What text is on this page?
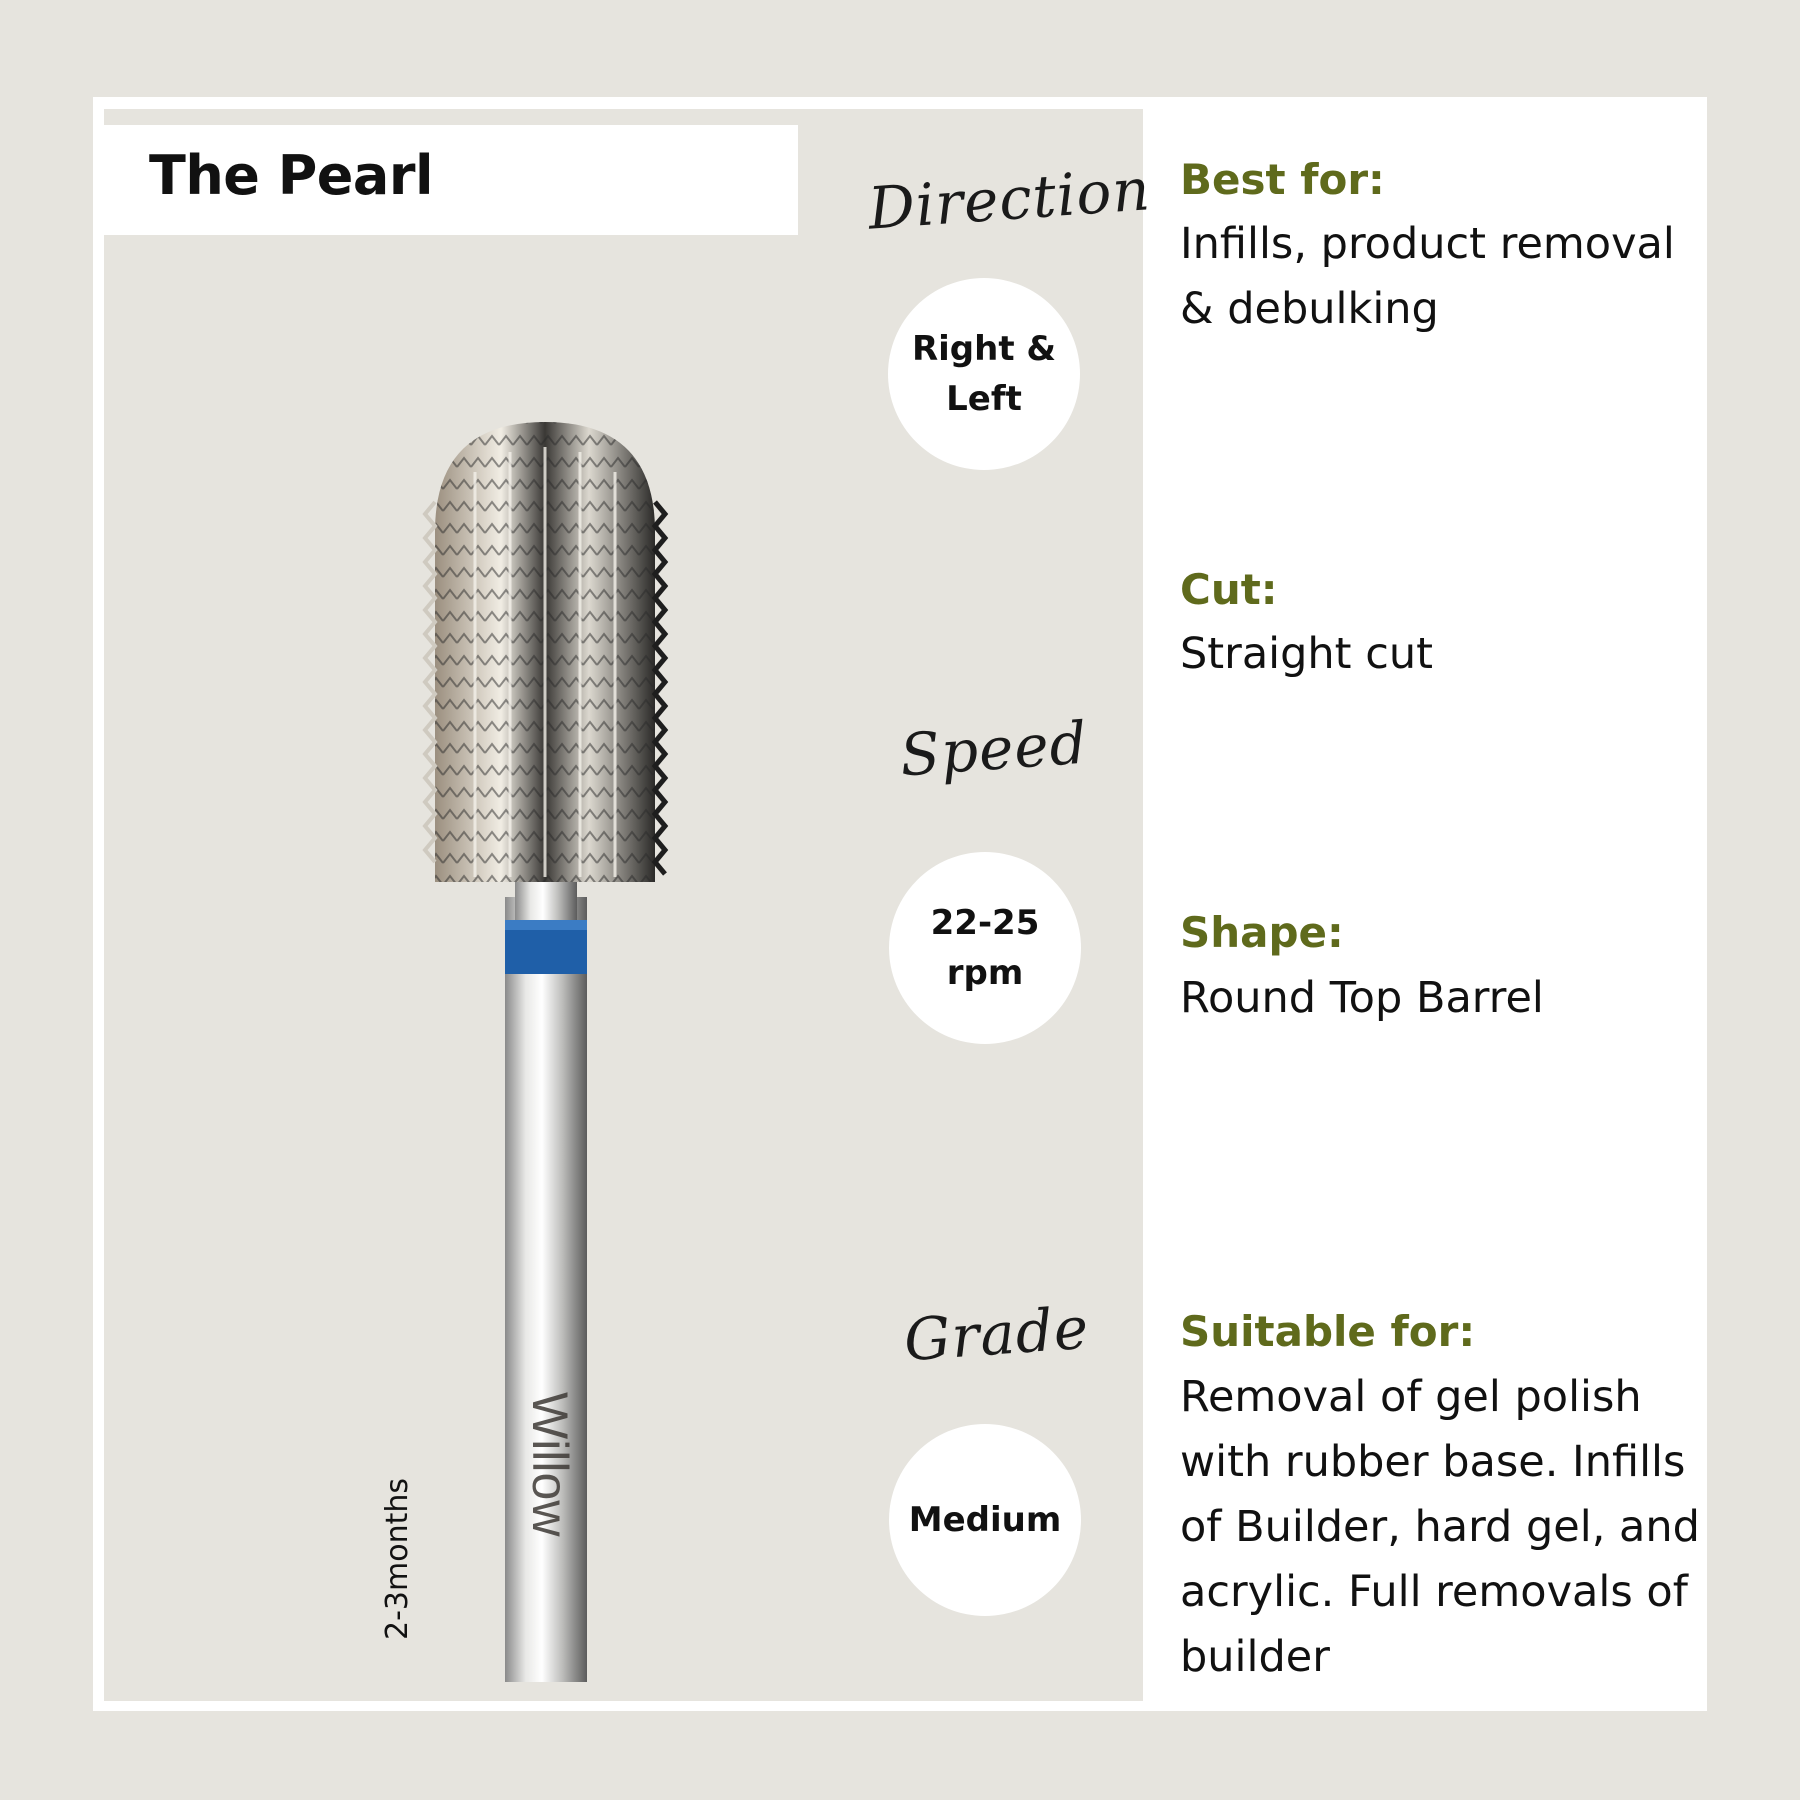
The Pearl
Willow
2-3months
Direction
Right &
Left
Speed
22-25
rpm
Grade
Medium
Best for:
Infills, product removal & debulking
Cut:
Straight cut
Shape:
Round Top Barrel
Suitable for:
Removal of gel polish with rubber base. Infills of Builder, hard gel, and acrylic. Full removals of builder
